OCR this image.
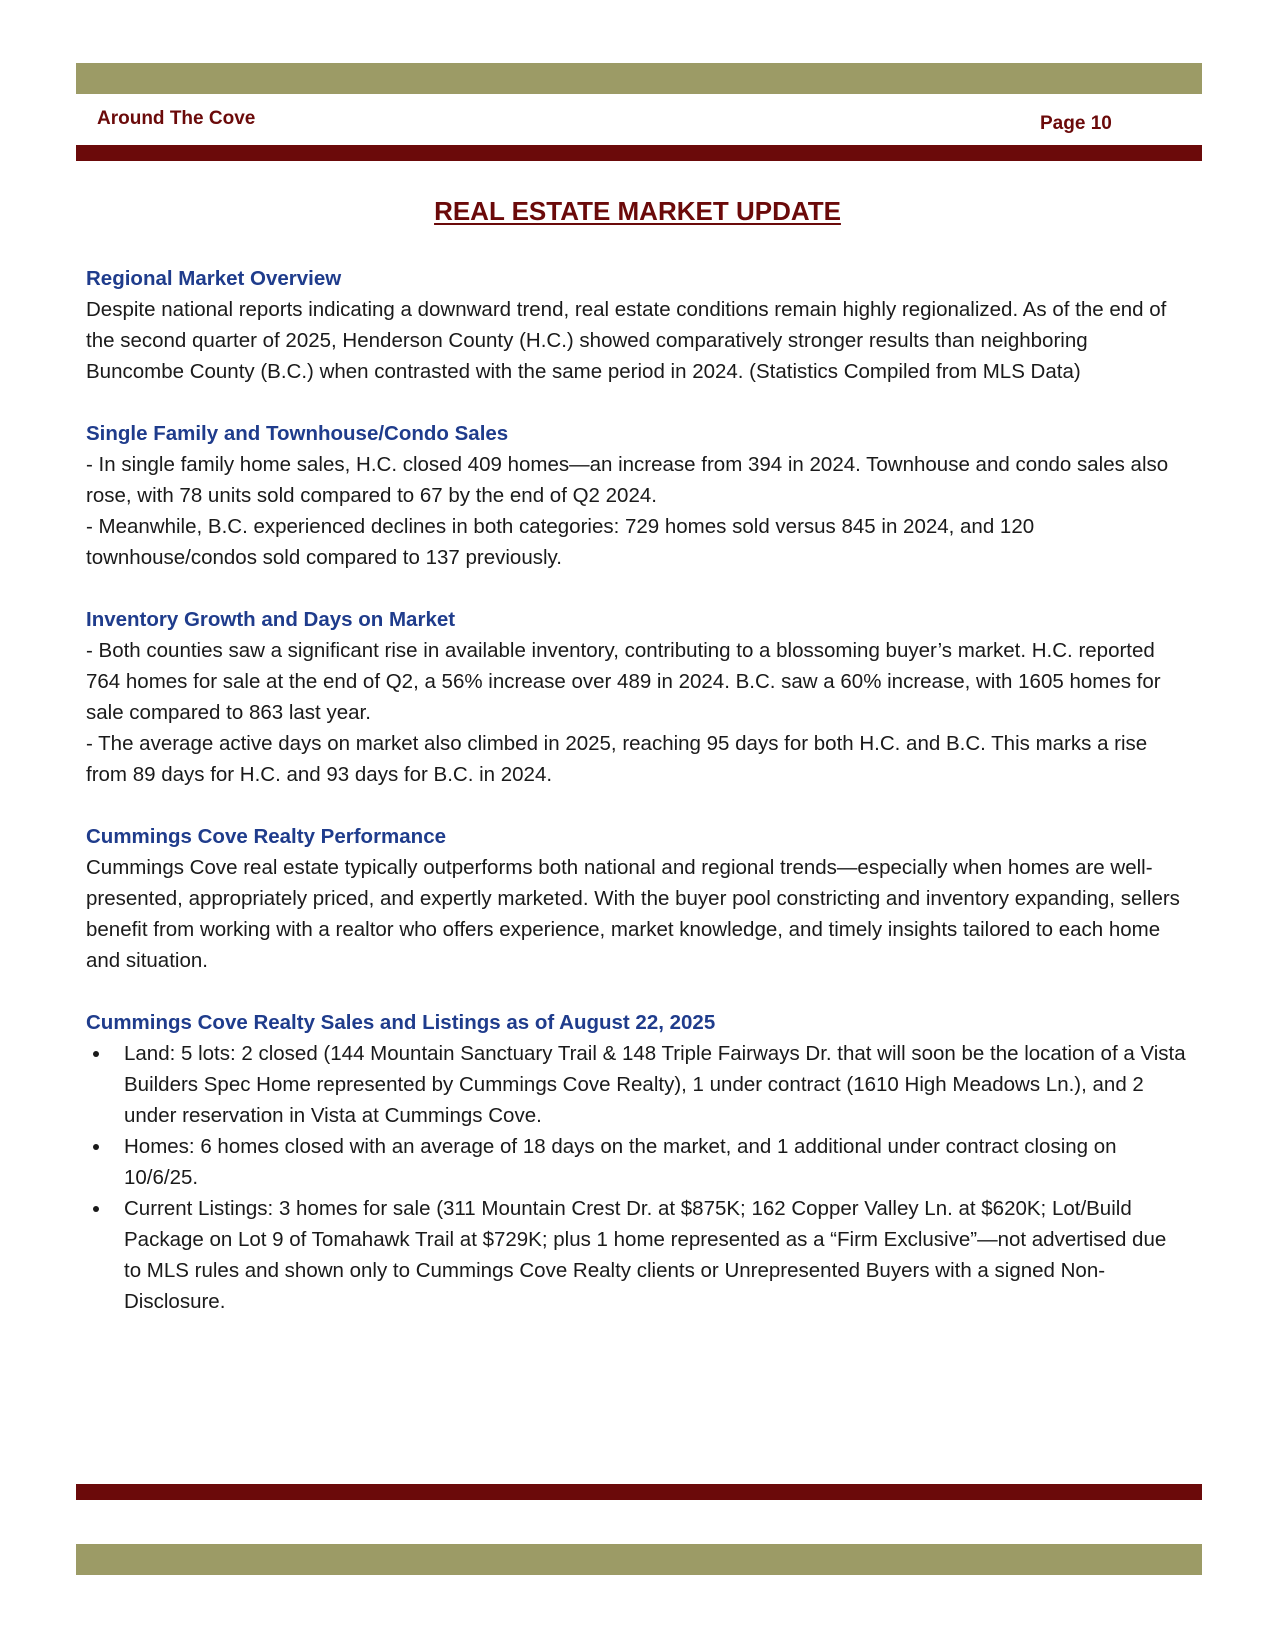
Around The Cove	Page 10
REAL ESTATE MARKET UPDATE
Regional Market Overview

Despite national reports indicating a downward trend, real estate conditions remain highly regionalized. As of the end of the second quarter of 2025, Henderson County (H.C.) showed comparatively stronger results than neighboring Buncombe County (B.C.) when contrasted with the same period in 2024. (Statistics Compiled from MLS Data)

Single Family and Townhouse/Condo Sales

- In single family home sales, H.C. closed 409 homes—an increase from 394 in 2024. Townhouse and condo sales also rose, with 78 units sold compared to 67 by the end of Q2 2024.

- Meanwhile, B.C. experienced declines in both categories: 729 homes sold versus 845 in 2024, and 120 townhouse/condos sold compared to 137 previously.

Inventory Growth and Days on Market

- Both counties saw a significant rise in available inventory, contributing to a blossoming buyer’s market. H.C. reported 764 homes for sale at the end of Q2, a 56% increase over 489 in 2024. B.C. saw a 60% increase, with 1605 homes for sale compared to 863 last year.

- The average active days on market also climbed in 2025, reaching 95 days for both H.C. and B.C. This marks a rise from 89 days for H.C. and 93 days for B.C. in 2024.

Cummings Cove Realty Performance

Cummings Cove real estate typically outperforms both national and regional trends—especially when homes are well-presented, appropriately priced, and expertly marketed. With the buyer pool constricting and inventory expanding, sellers benefit from working with a realtor who offers experience, market knowledge, and timely insights tailored to each home and situation.

Cummings Cove Realty Sales and Listings as of August 22, 2025
Land: 5 lots: 2 closed (144 Mountain Sanctuary Trail & 148 Triple Fairways Dr. that will soon be the location of a Vista Builders Spec Home represented by Cummings Cove Realty), 1 under contract (1610 High Meadows Ln.), and 2 under reservation in Vista at Cummings Cove.
Homes: 6 homes closed with an average of 18 days on the market, and 1 additional under contract closing on 10/6/25.
Current Listings: 3 homes for sale (311 Mountain Crest Dr. at $875K; 162 Copper Valley Ln. at $620K; Lot/Build Package on Lot 9 of Tomahawk Trail at $729K; plus 1 home represented as a “Firm Exclusive”—not advertised due to MLS rules and shown only to Cummings Cove Realty clients or Unrepresented Buyers with a signed Non-Disclosure.
